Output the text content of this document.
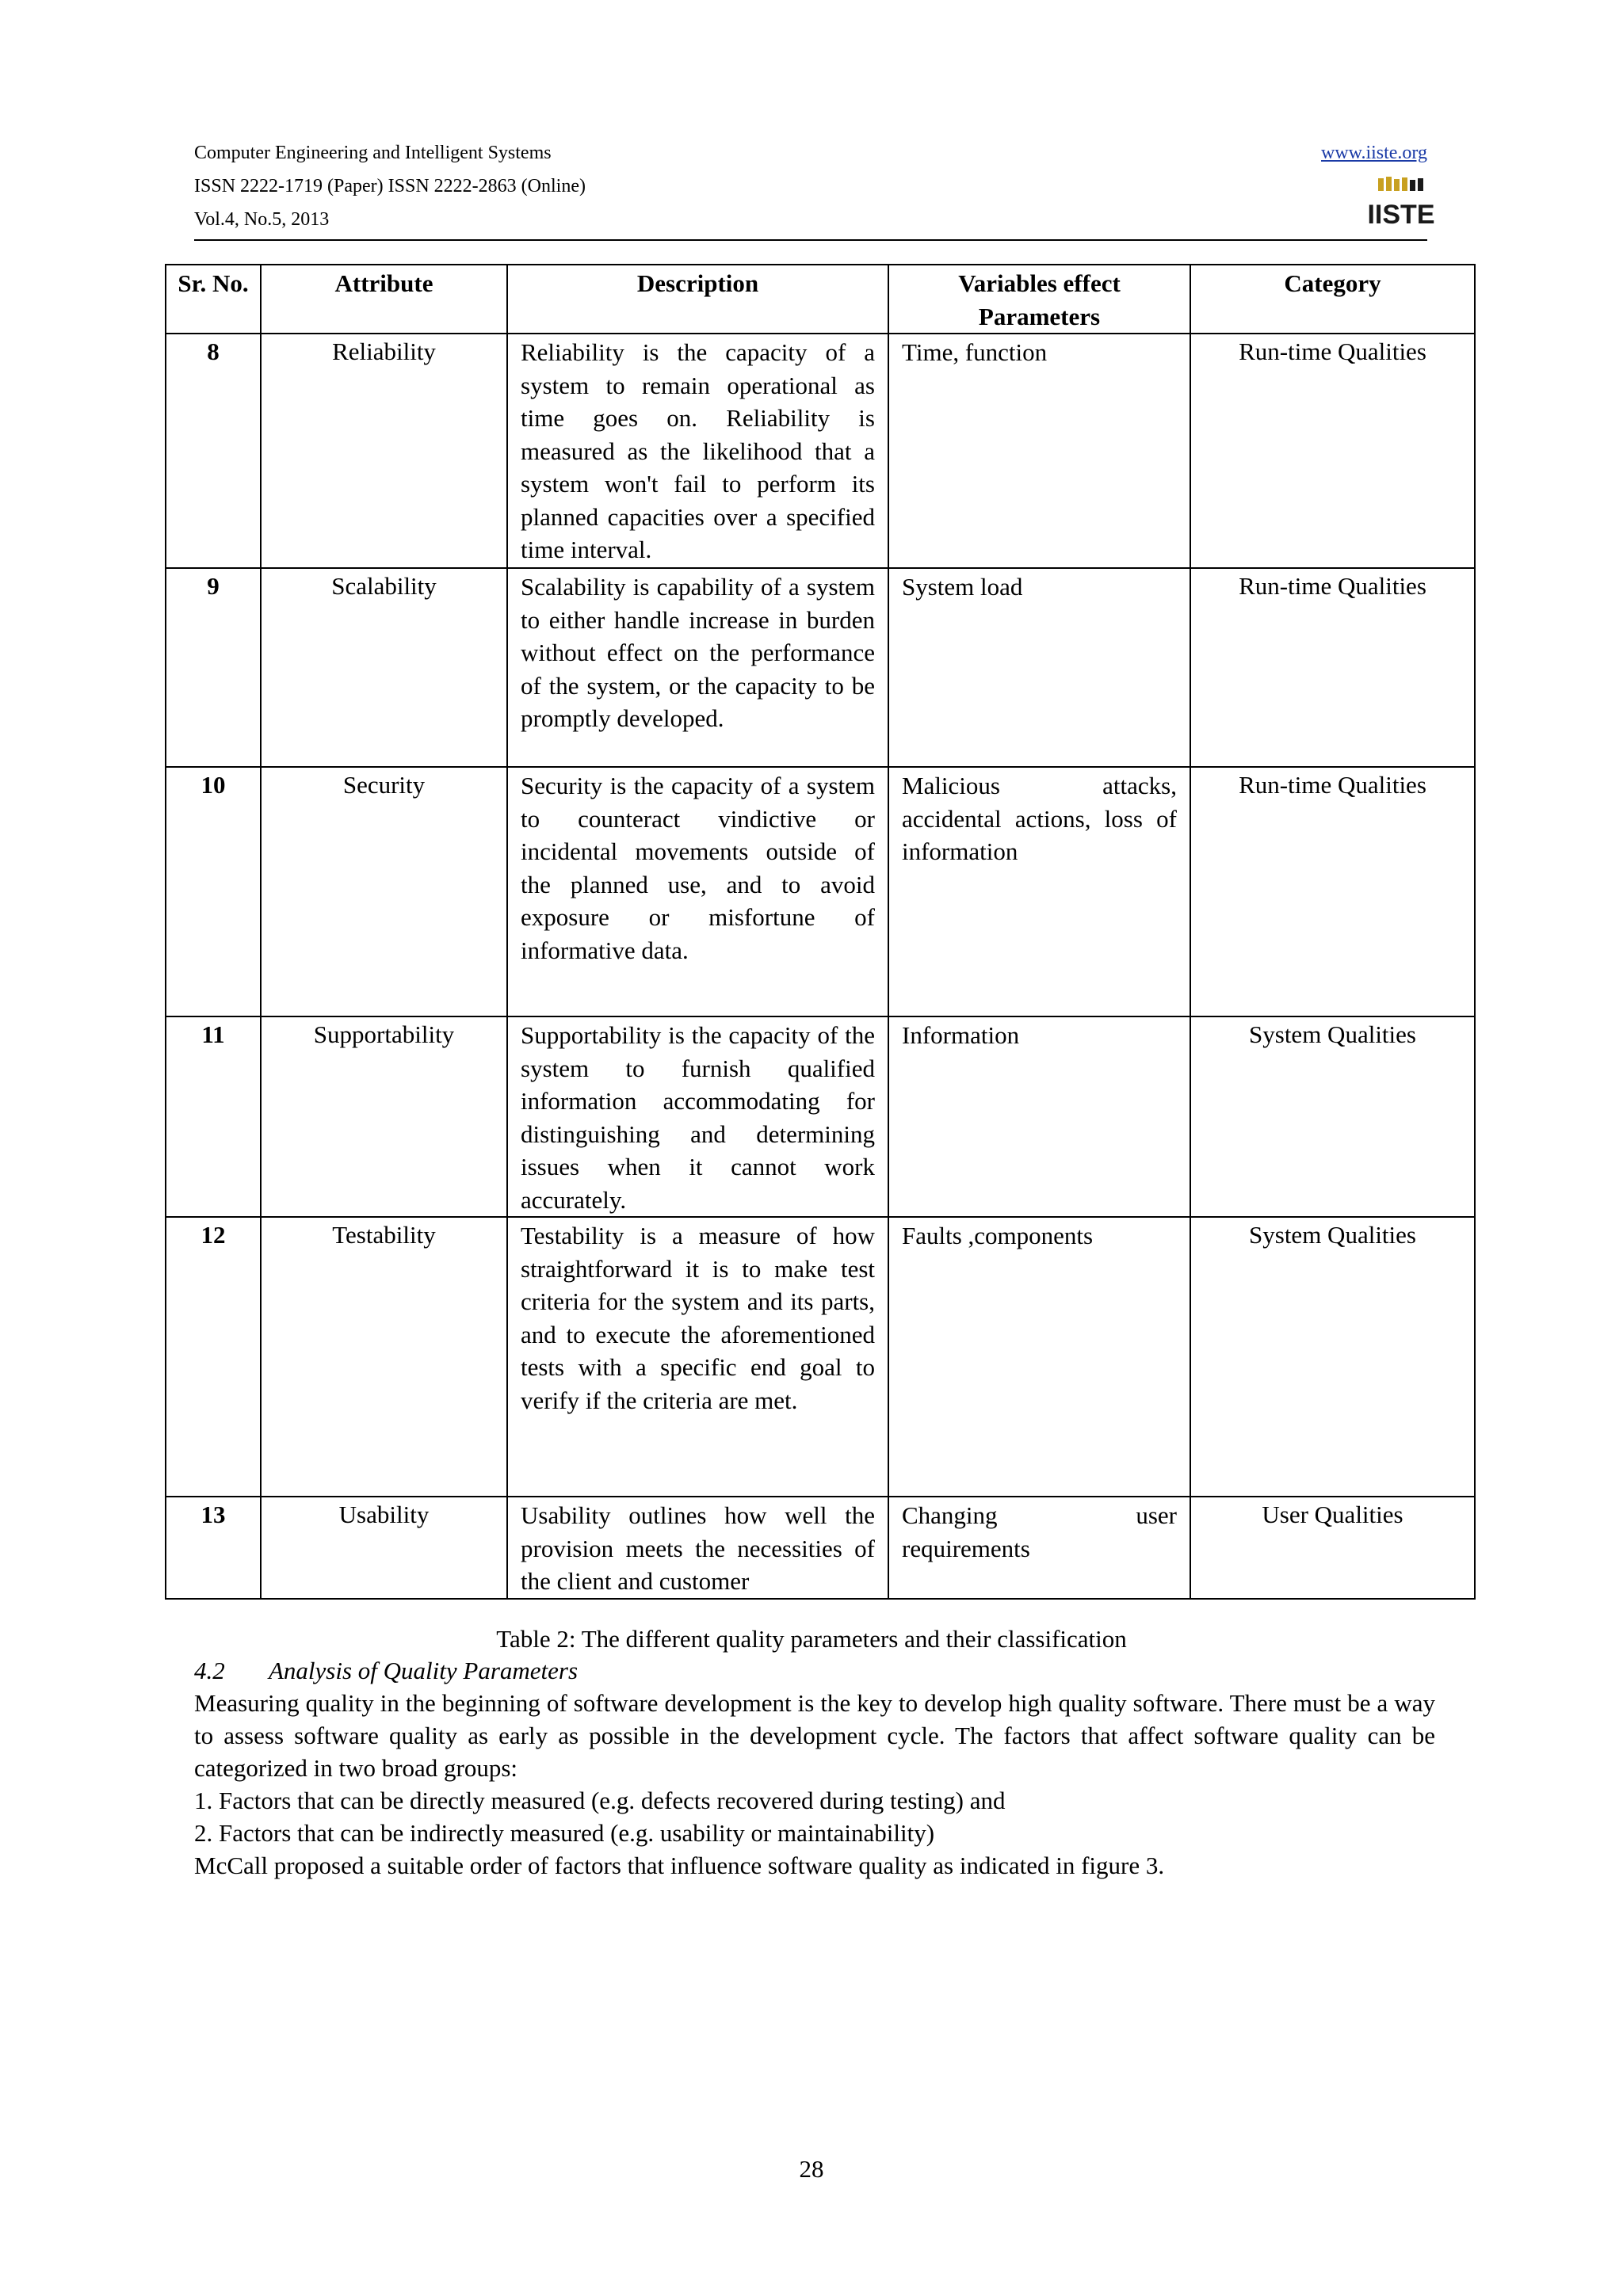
Computer Engineering and Intelligent Systems
ISSN 2222-1719 (Paper) ISSN 2222-2863 (Online)
Vol.4, No.5, 2013
www.iiste.org
IISTE
Sr. No.	Attribute	Description	Variables effect Parameters	Category
8	Reliability	Reliability is the capacity of a system to remain operational as time goes on. Reliability is measured as the likelihood that a system won't fail to perform its planned capacities over a specified time interval.	Time, function	Run-time Qualities
9	Scalability	Scalability is capability of a system to either handle increase in burden without effect on the performance of the system, or the capacity to be promptly developed.	System load	Run-time Qualities
10	Security	Security is the capacity of a system to counteract vindictive or incidental movements outside of the planned use, and to avoid exposure or misfortune of informative data.	Malicious attacks, accidental actions, loss of information	Run-time Qualities
11	Supportability	Supportability is the capacity of the system to furnish qualified information accommodating for distinguishing and determining issues when it cannot work accurately.	Information	System Qualities
12	Testability	Testability is a measure of how straightforward it is to make test criteria for the system and its parts, and to execute the aforementioned tests with a specific end goal to verify if the criteria are met.	Faults ,components	System Qualities
13	Usability	Usability outlines how well the provision meets the necessities of the client and customer	Changing user requirements	User Qualities
Table 2: The different quality parameters and their classification
4.2 Analysis of Quality Parameters
Measuring quality in the beginning of software development is the key to develop high quality software. There must be a way to assess software quality as early as possible in the development cycle. The factors that affect software quality can be categorized in two broad groups:
1. Factors that can be directly measured (e.g. defects recovered during testing) and
2. Factors that can be indirectly measured (e.g. usability or maintainability)
McCall proposed a suitable order of factors that influence software quality as indicated in figure 3.
28
